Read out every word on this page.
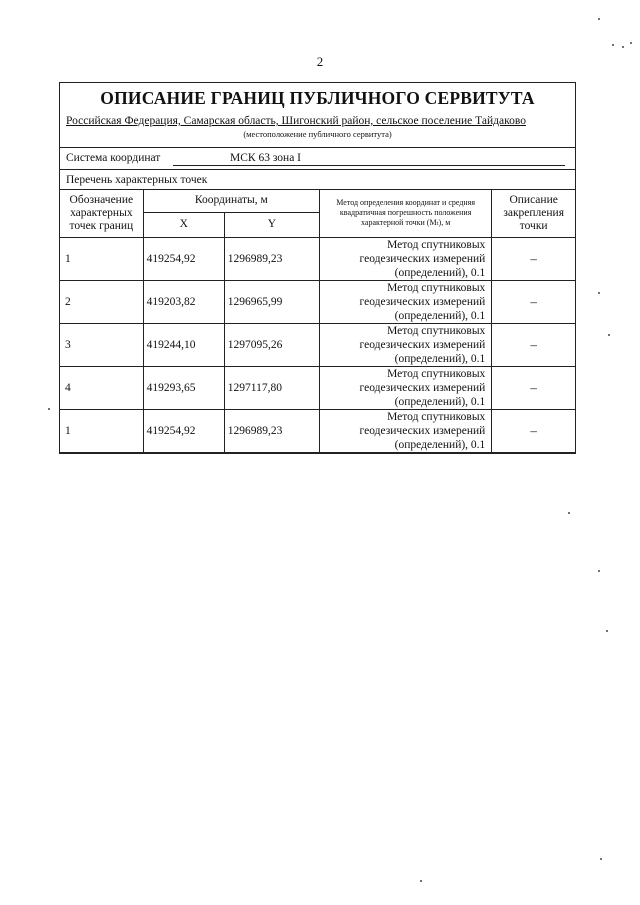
2
ОПИСАНИЕ ГРАНИЦ ПУБЛИЧНОГО СЕРВИТУТА
Российская Федерация, Самарская область, Шигонский район, сельское поселение Тайдаково
(местоположение публичного сервитута)
Система координат	МСК 63 зона I
Перечень характерных точек
Обозначение характерных точек границ	Координаты, м		Метод определения координат и средняя квадратичная погрешность положения характерной точки (Mₜ), м	Описание закрепления точки
	X	Y		
1	419254,92	1296989,23	Метод спутниковых геодезических измерений (определений), 0.1	–
2	419203,82	1296965,99	Метод спутниковых геодезических измерений (определений), 0.1	–
3	419244,10	1297095,26	Метод спутниковых геодезических измерений (определений), 0.1	–
4	419293,65	1297117,80	Метод спутниковых геодезических измерений (определений), 0.1	–
1	419254,92	1296989,23	Метод спутниковых геодезических измерений (определений), 0.1	–
